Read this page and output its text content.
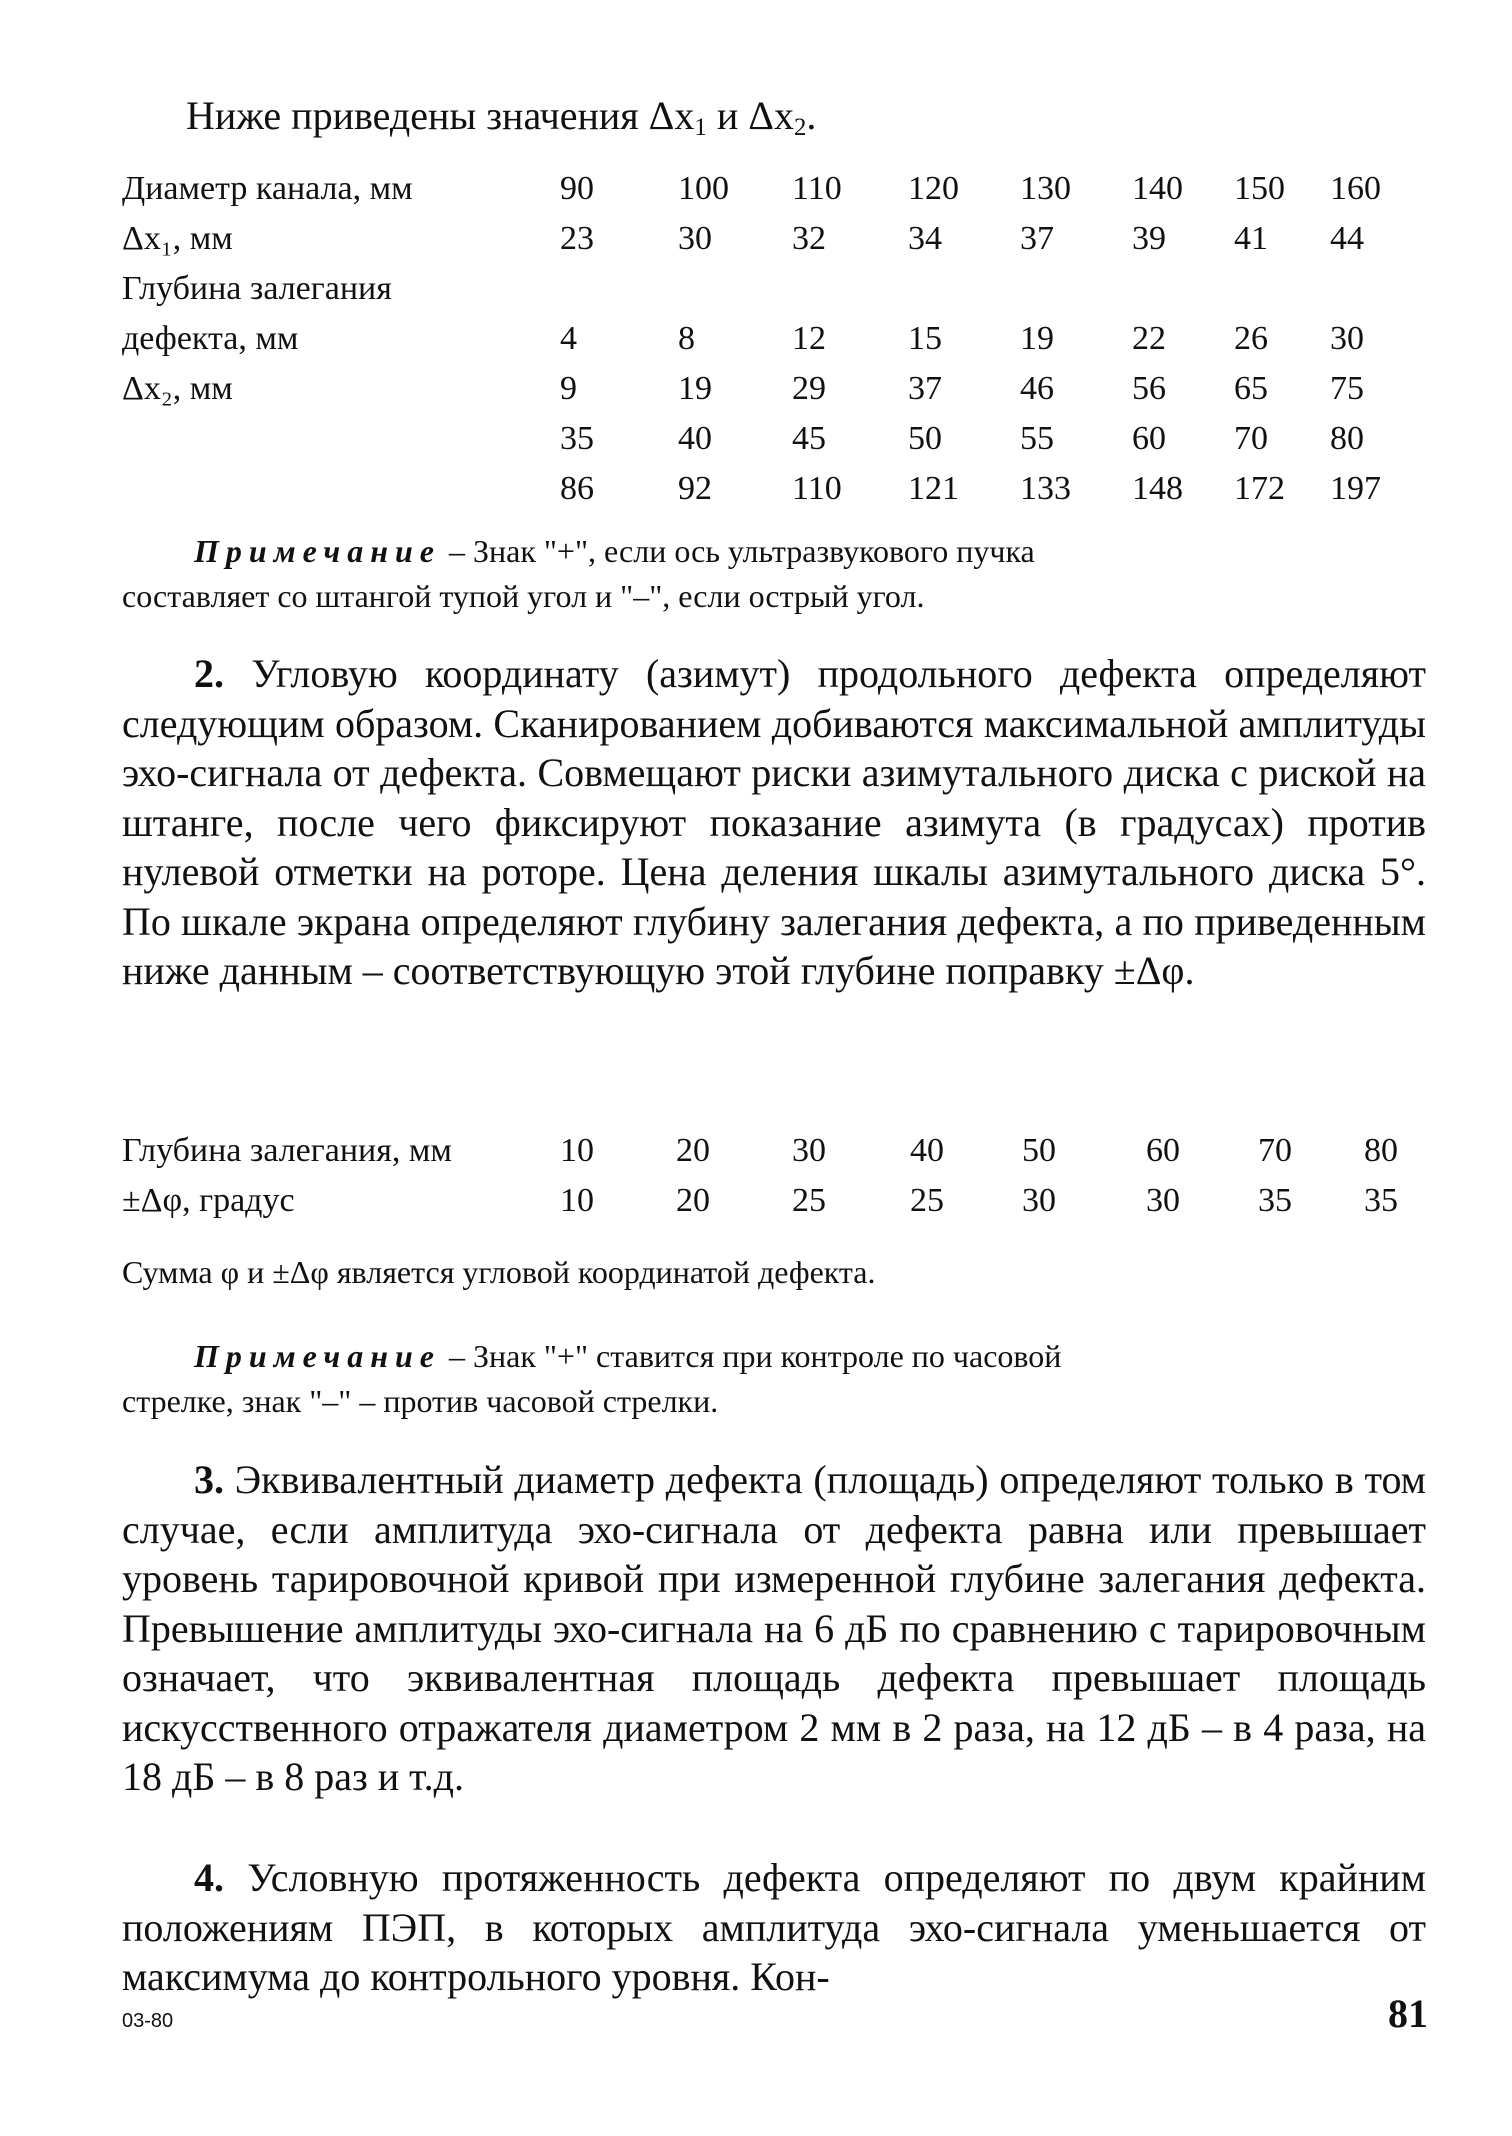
Ниже приведены значения $\Delta x_1$ и $\Delta x_2$.
Диаметр канала, мм	90	100	110	120	130	140	150	160
Δx₁, мм	23	30	32	34	37	39	41	44
Глубина залегания								
дефекта, мм	4	8	12	15	19	22	26	30
Δx₂, мм	9	19	29	37	46	56	65	75
	35	40	45	50	55	60	70	80
	86	92	110	121	133	148	172	197
Примечание – Знак "+", если ось ультразвукового пучка
составляет со штангой тупой угол и "–", если острый угол.
2. Угловую координату (азимут) продольного дефекта определяют следующим образом. Сканированием добиваются максимальной амплитуды эхо-сигнала от дефекта. Совмещают риски азимутального диска с риской на штанге, после чего фиксируют показание азимута (в градусах) против нулевой отметки на роторе. Цена деления шкалы азимутального диска 5°. По шкале экрана определяют глубину залегания дефекта, а по приведенным ниже данным – соответствующую этой глубине поправку ±Δφ.
Глубина залегания, мм	10	20	30	40	50	60	70	80
±Δφ, градус	10	20	25	25	30	30	35	35
Сумма φ и ±Δφ является угловой координатой дефекта.
Примечание – Знак "+" ставится при контроле по часовой
стрелке, знак "–" – против часовой стрелки.
3. Эквивалентный диаметр дефекта (площадь) определяют только в том случае, если амплитуда эхо-сигнала от дефекта равна или превышает уровень тарировочной кривой при измеренной глубине залегания дефекта. Превышение амплитуды эхо-сигнала на 6 дБ по сравнению с тарировочным означает, что эквивалентная площадь дефекта превышает площадь искусственного отражателя диаметром 2 мм в 2 раза, на 12 дБ – в 4 раза, на 18 дБ – в 8 раз и т.д.
4. Условную протяженность дефекта определяют по двум крайним положениям ПЭП, в которых амплитуда эхо-сигнала уменьшается от максимума до контрольного уровня. Кон-
03-80	81
